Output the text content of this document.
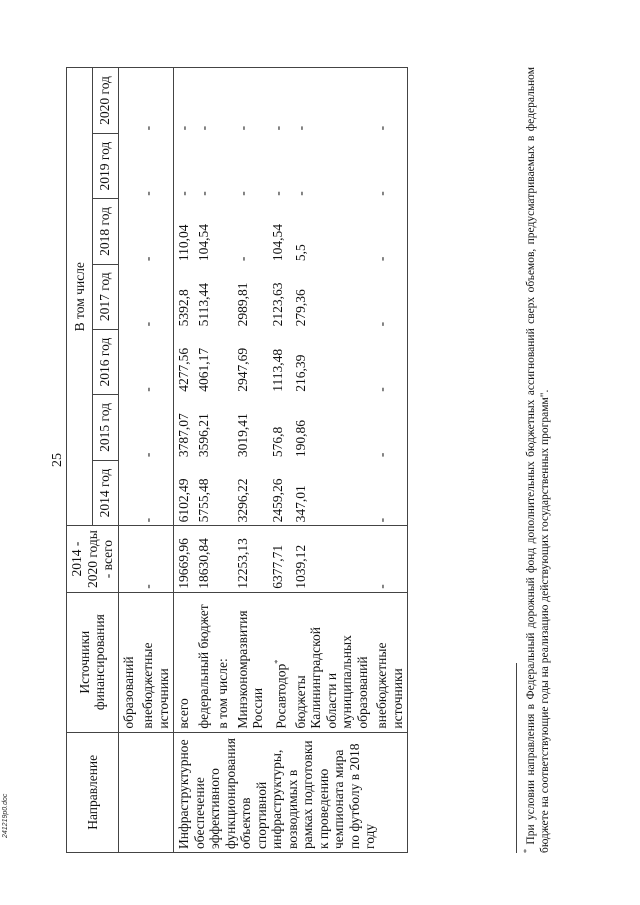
25
241219p0.doc	Направление	Источники финансирования	2014 - 2020 годы - всего	В том числе						
			2014 год	2015 год	2016 год	2017 год	2018 год	2019 год	2020 год
	образований								
	внебюджетные источники	-	-	-	-	-	-	-	-
Инфраструктурное обеспечение эффективного функционирования объектов спортивной инфраструктуры, возводимых в рамках подготовки к проведению чемпионата мира по футболу в 2018 году	всего	19669,96	6102,49	3787,07	4277,56	5392,8	110,04	-	-
	федеральный бюджет	18630,84	5755,48	3596,21	4061,17	5113,44	104,54	-	-
	в том числе:								
	Минэкономразвития России	12253,13	3296,22	3019,41	2947,69	2989,81	-	-	-
	Росавтодор*	6377,71	2459,26	576,8	1113,48	2123,63	104,54	-	-
	бюджеты Калининградской области и муниципальных образований	1039,12	347,01	190,86	216,39	279,36	5,5	-	-
	внебюджетные источники	-	-	-	-	-	-	-	-
* При условии направления в Федеральный дорожный фонд дополнительных бюджетных ассигнований сверх объемов, предусматриваемых в федеральном бюджете на соответствующие годы на реализацию действующих государственных программ".
